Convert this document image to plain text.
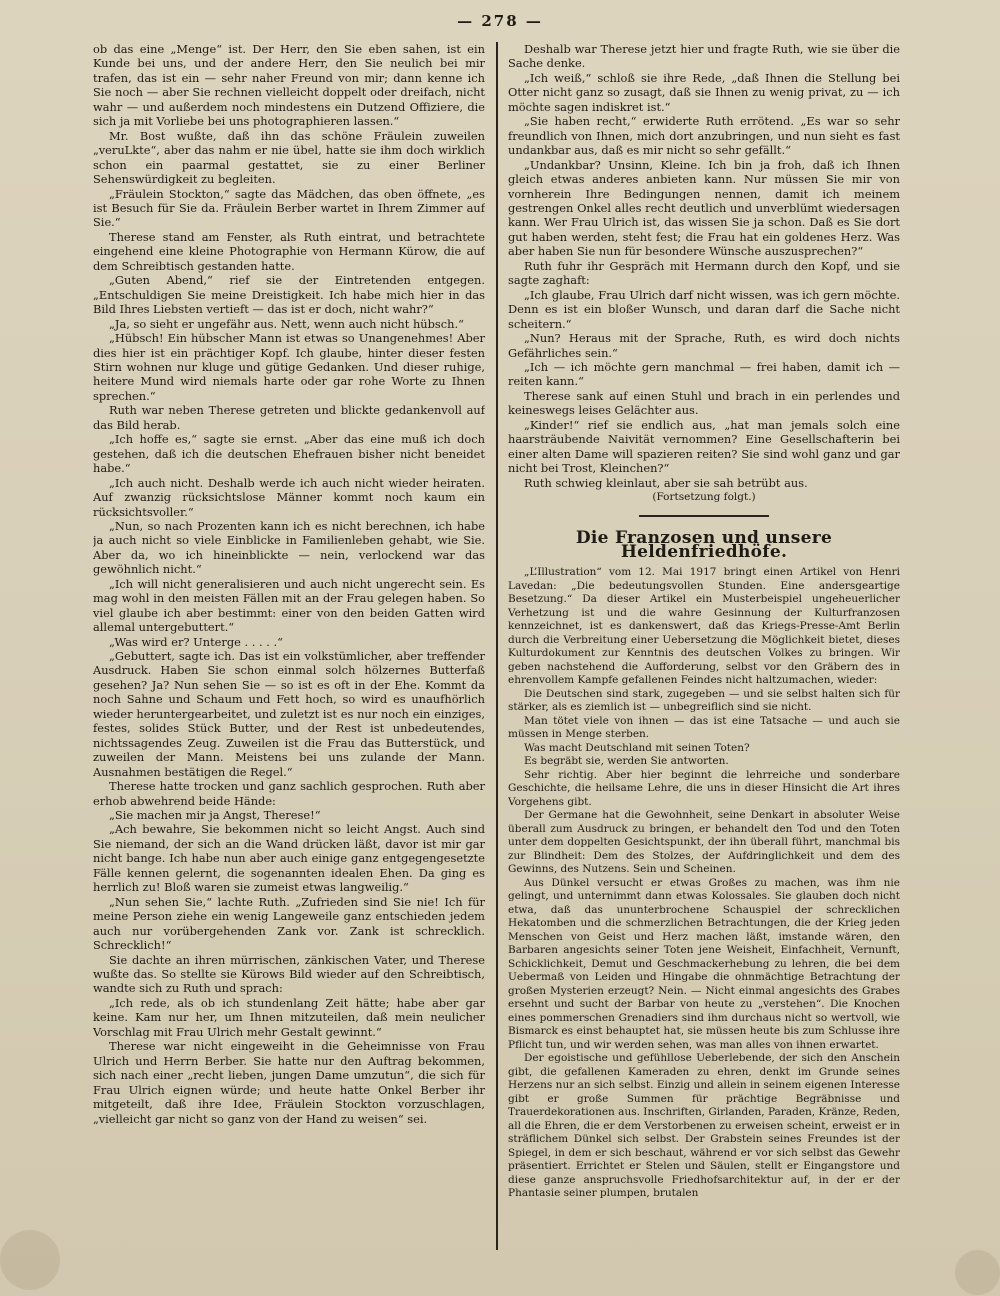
— 278 —

ob das eine „Menge“ ist. Der Herr, den Sie eben sahen, ist ein Kunde bei uns, und der andere Herr, den Sie neulich bei mir trafen, das ist ein — sehr naher Freund von mir; dann kenne ich Sie noch — aber Sie rechnen vielleicht doppelt oder dreifach, nicht wahr — und außerdem noch mindestens ein Dutzend Offiziere, die sich ja mit Vorliebe bei uns photographieren lassen.“

Mr. Bost wußte, daß ihn das schöne Fräulein zuweilen „veruLkte“, aber das nahm er nie übel, hatte sie ihm doch wirklich schon ein paarmal gestattet, sie zu einer Berliner Sehenswürdigkeit zu begleiten.

„Fräulein Stockton,“ sagte das Mädchen, das oben öffnete, „es ist Besuch für Sie da. Fräulein Berber wartet in Ihrem Zimmer auf Sie.“

Therese stand am Fenster, als Ruth eintrat, und betrachtete eingehend eine kleine Photographie von Hermann Kürow, die auf dem Schreibtisch gestanden hatte.

„Guten Abend,“ rief sie der Eintretenden entgegen. „Entschuldigen Sie meine Dreistigkeit. Ich habe mich hier in das Bild Ihres Liebsten vertieft — das ist er doch, nicht wahr?“

„Ja, so sieht er ungefähr aus. Nett, wenn auch nicht hübsch.“

„Hübsch! Ein hübscher Mann ist etwas so Unangenehmes! Aber dies hier ist ein prächtiger Kopf. Ich glaube, hinter dieser festen Stirn wohnen nur kluge und gütige Gedanken. Und dieser ruhige, heitere Mund wird niemals harte oder gar rohe Worte zu Ihnen sprechen.“

Ruth war neben Therese getreten und blickte gedankenvoll auf das Bild herab.

„Ich hoffe es,“ sagte sie ernst. „Aber das eine muß ich doch gestehen, daß ich die deutschen Ehefrauen bisher nicht beneidet habe.“

„Ich auch nicht. Deshalb werde ich auch nicht wieder heiraten. Auf zwanzig rücksichtslose Männer kommt noch kaum ein rücksichtsvoller.“

„Nun, so nach Prozenten kann ich es nicht berechnen, ich habe ja auch nicht so viele Einblicke in Familienleben gehabt, wie Sie. Aber da, wo ich hineinblickte — nein, verlockend war das gewöhnlich nicht.“

„Ich will nicht generalisieren und auch nicht ungerecht sein. Es mag wohl in den meisten Fällen mit an der Frau gelegen haben. So viel glaube ich aber bestimmt: einer von den beiden Gatten wird allemal untergebuttert.“

„Was wird er? Unterge . . . . .“

„Gebuttert, sagte ich. Das ist ein volkstümlicher, aber treffender Ausdruck. Haben Sie schon einmal solch hölzernes Butterfaß gesehen? Ja? Nun sehen Sie — so ist es oft in der Ehe. Kommt da noch Sahne und Schaum und Fett hoch, so wird es unaufhörlich wieder heruntergearbeitet, und zuletzt ist es nur noch ein einziges, festes, solides Stück Butter, und der Rest ist unbedeutendes, nichtssagendes Zeug. Zuweilen ist die Frau das Butterstück, und zuweilen der Mann. Meistens bei uns zulande der Mann. Ausnahmen bestätigen die Regel.“

Therese hatte trocken und ganz sachlich gesprochen. Ruth aber erhob abwehrend beide Hände:

„Sie machen mir ja Angst, Therese!“

„Ach bewahre, Sie bekommen nicht so leicht Angst. Auch sind Sie niemand, der sich an die Wand drücken läßt, davor ist mir gar nicht bange. Ich habe nun aber auch einige ganz entgegengesetzte Fälle kennen gelernt, die sogenannten idealen Ehen. Da ging es herrlich zu! Bloß waren sie zumeist etwas langweilig.“

„Nun sehen Sie,“ lachte Ruth. „Zufrieden sind Sie nie! Ich für meine Person ziehe ein wenig Langeweile ganz entschieden jedem auch nur vorübergehenden Zank vor. Zank ist schrecklich. Schrecklich!“

Sie dachte an ihren mürrischen, zänkischen Vater, und Therese wußte das. So stellte sie Kürows Bild wieder auf den Schreibtisch, wandte sich zu Ruth und sprach:

„Ich rede, als ob ich stundenlang Zeit hätte; habe aber gar keine. Kam nur her, um Ihnen mitzuteilen, daß mein neulicher Vorschlag mit Frau Ulrich mehr Gestalt gewinnt.“

Therese war nicht eingeweiht in die Geheimnisse von Frau Ulrich und Herrn Berber. Sie hatte nur den Auftrag bekommen, sich nach einer „recht lieben, jungen Dame umzutun“, die sich für Frau Ulrich eignen würde; und heute hatte Onkel Berber ihr mitgeteilt, daß ihre Idee, Fräulein Stockton vorzuschlagen, „vielleicht gar nicht so ganz von der Hand zu weisen“ sei.

Deshalb war Therese jetzt hier und fragte Ruth, wie sie über die Sache denke.

„Ich weiß,“ schloß sie ihre Rede, „daß Ihnen die Stellung bei Otter nicht ganz so zusagt, daß sie Ihnen zu wenig privat, zu — ich möchte sagen indiskret ist.“

„Sie haben recht,“ erwiderte Ruth errötend. „Es war so sehr freundlich von Ihnen, mich dort anzubringen, und nun sieht es fast undankbar aus, daß es mir nicht so sehr gefällt.“

„Undankbar? Unsinn, Kleine. Ich bin ja froh, daß ich Ihnen gleich etwas anderes anbieten kann. Nur müssen Sie mir von vornherein Ihre Bedingungen nennen, damit ich meinem gestrengen Onkel alles recht deutlich und unverblümt wiedersagen kann. Wer Frau Ulrich ist, das wissen Sie ja schon. Daß es Sie dort gut haben werden, steht fest; die Frau hat ein goldenes Herz. Was aber haben Sie nun für besondere Wünsche auszusprechen?“

Ruth fuhr ihr Gespräch mit Hermann durch den Kopf, und sie sagte zaghaft:

„Ich glaube, Frau Ulrich darf nicht wissen, was ich gern möchte. Denn es ist ein bloßer Wunsch, und daran darf die Sache nicht scheitern.“

„Nun? Heraus mit der Sprache, Ruth, es wird doch nichts Gefährliches sein.“

„Ich — ich möchte gern manchmal — frei haben, damit ich — reiten kann.“

Therese sank auf einen Stuhl und brach in ein perlendes und keineswegs leises Gelächter aus.

„Kinder!“ rief sie endlich aus, „hat man jemals solch eine haarsträubende Naivität vernommen? Eine Gesellschafterin bei einer alten Dame will spazieren reiten? Sie sind wohl ganz und gar nicht bei Trost, Kleinchen?“

Ruth schwieg kleinlaut, aber sie sah betrübt aus.

(Fortsetzung folgt.)

Die Franzosen und unsere Heldenfriedhöfe.

„L’Illustration“ vom 12. Mai 1917 bringt einen Artikel von Henri Lavedan: „Die bedeutungsvollen Stunden. Eine andersgeartige Besetzung.“ Da dieser Artikel ein Musterbeispiel ungeheuerlicher Verhetzung ist und die wahre Gesinnung der Kulturfranzosen kennzeichnet, ist es dankenswert, daß das Kriegs-Presse-Amt Berlin durch die Verbreitung einer Uebersetzung die Möglichkeit bietet, dieses Kulturdokument zur Kenntnis des deutschen Volkes zu bringen. Wir geben nachstehend die Aufforderung, selbst vor den Gräbern des in ehrenvollem Kampfe gefallenen Feindes nicht haltzumachen, wieder:

Die Deutschen sind stark, zugegeben — und sie selbst halten sich für stärker, als es ziemlich ist — unbegreiflich sind sie nicht.

Man tötet viele von ihnen — das ist eine Tatsache — und auch sie müssen in Menge sterben.

Was macht Deutschland mit seinen Toten?

Es begräbt sie, werden Sie antworten.

Sehr richtig. Aber hier beginnt die lehrreiche und sonderbare Geschichte, die heilsame Lehre, die uns in dieser Hinsicht die Art ihres Vorgehens gibt.

Der Germane hat die Gewohnheit, seine Denkart in absoluter Weise überall zum Ausdruck zu bringen, er behandelt den Tod und den Toten unter dem doppelten Gesichtspunkt, der ihn überall führt, manchmal bis zur Blindheit: Dem des Stolzes, der Aufdringlichkeit und dem des Gewinns, des Nutzens. Sein und Scheinen.

Aus Dünkel versucht er etwas Großes zu machen, was ihm nie gelingt, und unternimmt dann etwas Kolossales. Sie glauben doch nicht etwa, daß das ununterbrochene Schauspiel der schrecklichen Hekatomben und die schmerzlichen Betrachtungen, die der Krieg jeden Menschen von Geist und Herz machen läßt, imstande wären, den Barbaren angesichts seiner Toten jene Weisheit, Einfachheit, Vernunft, Schicklichkeit, Demut und Geschmackerhebung zu lehren, die bei dem Uebermaß von Leiden und Hingabe die ohnmächtige Betrachtung der großen Mysterien erzeugt? Nein. — Nicht einmal angesichts des Grabes ersehnt und sucht der Barbar von heute zu „verstehen“. Die Knochen eines pommerschen Grenadiers sind ihm durchaus nicht so wertvoll, wie Bismarck es einst behauptet hat, sie müssen heute bis zum Schlusse ihre Pflicht tun, und wir werden sehen, was man alles von ihnen erwartet.

Der egoistische und gefühllose Ueberlebende, der sich den Anschein gibt, die gefallenen Kameraden zu ehren, denkt im Grunde seines Herzens nur an sich selbst. Einzig und allein in seinem eigenen Interesse gibt er große Summen für prächtige Begräbnisse und Trauerdekorationen aus. Inschriften, Girlanden, Paraden, Kränze, Reden, all die Ehren, die er dem Verstorbenen zu erweisen scheint, erweist er in sträflichem Dünkel sich selbst. Der Grabstein seines Freundes ist der Spiegel, in dem er sich beschaut, während er vor sich selbst das Gewehr präsentiert. Errichtet er Stelen und Säulen, stellt er Eingangstore und diese ganze anspruchsvolle Friedhofsarchitektur auf, in der er der Phantasie seiner plumpen, brutalen
